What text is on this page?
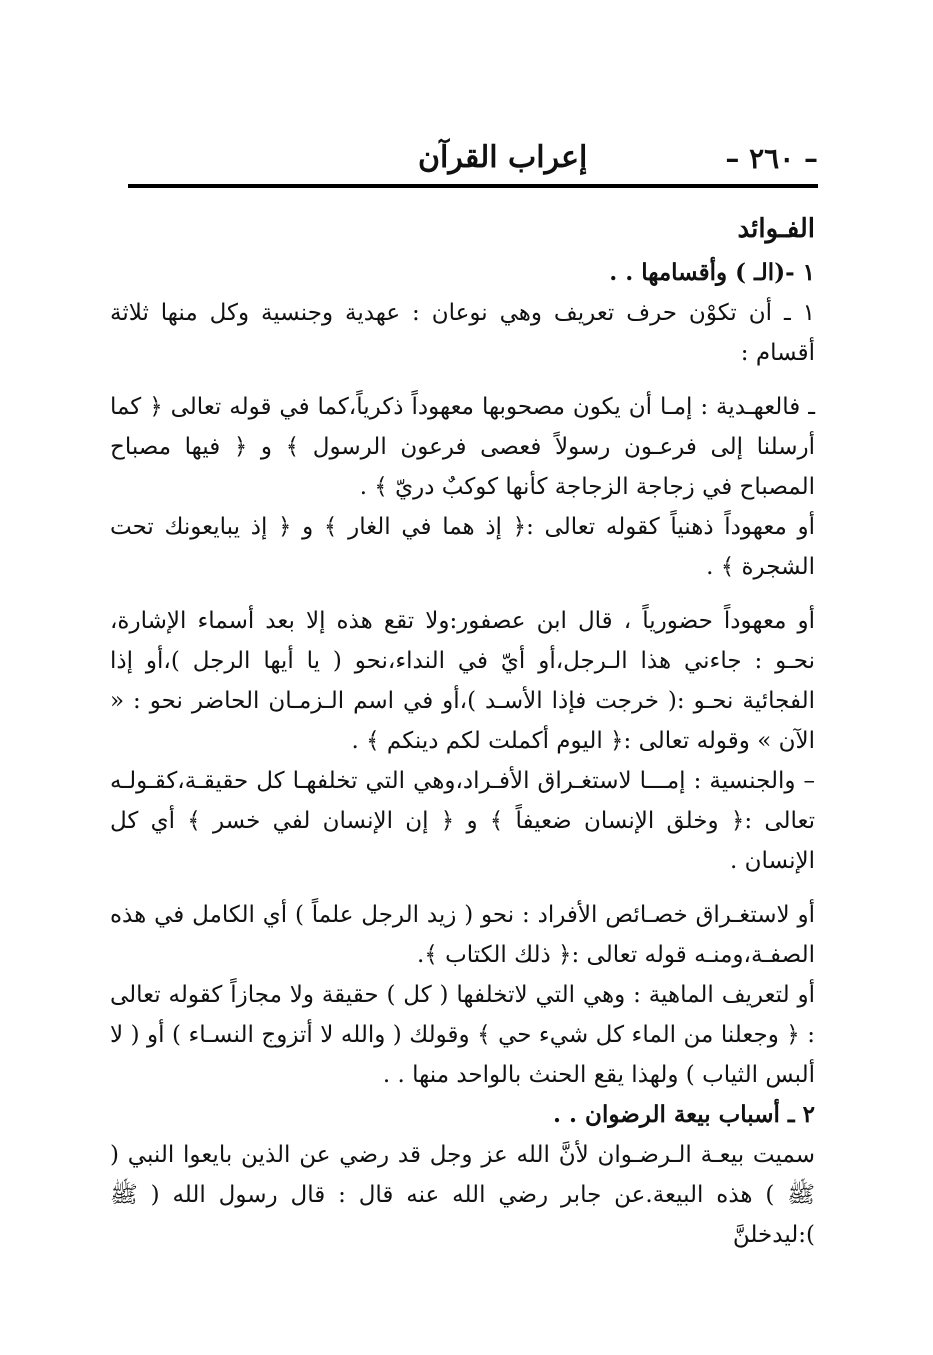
– ٢٦٠ –
إعراب القرآن

الفـوائد

١ -(الـ ) وأقسامها . .

١ ـ أن تكوْن حرف تعريف وهي نوعان : عهدية وجنسية وكل منها ثلاثة أقسام :

ـ فالعهـدية : إمـا أن يكون مصحوبها معهوداً ذكرياً،كما في قوله تعالى ﴿ كما أرسلنا إلى فرعـون رسولاً فعصى فرعون الرسول ﴾ و ﴿ فيها مصباح المصباح في زجاجة الزجاجة كأنها كوكبٌ دريّ ﴾ .

أو معهوداً ذهنياً كقوله تعالى :﴿ إذ هما في الغار ﴾ و ﴿ إذ يبايعونك تحت الشجرة ﴾ .

أو معهوداً حضورياً ، قال ابن عصفور:ولا تقع هذه إلا بعد أسماء الإشارة، نحـو : جاءني هذا الـرجل،أو أيّ في النداء،نحو ( يا أيها الرجل )،أو إذا الفجائية نحـو :( خرجت فإذا الأسـد )،أو في اسم الـزمـان الحاضر نحو : « الآن » وقوله تعالى :﴿ اليوم أكملت لكم دينكم ﴾ .

– والجنسية : إمـــا لاستغـراق الأفـراد،وهي التي تخلفهـا كل حقيقـة،كقـولـه تعالى :﴿ وخلق الإنسان ضعيفاً ﴾ و ﴿ إن الإنسان لفي خسر ﴾ أي كل الإنسان .

أو لاستغـراق خصـائص الأفراد : نحو ( زيد الرجل علماً ) أي الكامل في هذه الصفـة،ومنـه قوله تعالى :﴿ ذلك الكتاب ﴾.

أو لتعريف الماهية : وهي التي لاتخلفها ( كل ) حقيقة ولا مجازاً كقوله تعالى : ﴿ وجعلنا من الماء كل شيء حي ﴾ وقولك ( والله لا أتزوج النسـاء ) أو ( لا ألبس الثياب ) ولهذا يقع الحنث بالواحد منها . .

٢ ـ أسباب بيعة الرضوان . .

سميت بيعـة الـرضـوان لأنَّ الله عز وجل قد رضي عن الذين بايعوا النبي ( ﷺ ) هذه البيعة.عن جابر رضي الله عنه قال : قال رسول الله ( ﷺ ):ليدخلنَّ
